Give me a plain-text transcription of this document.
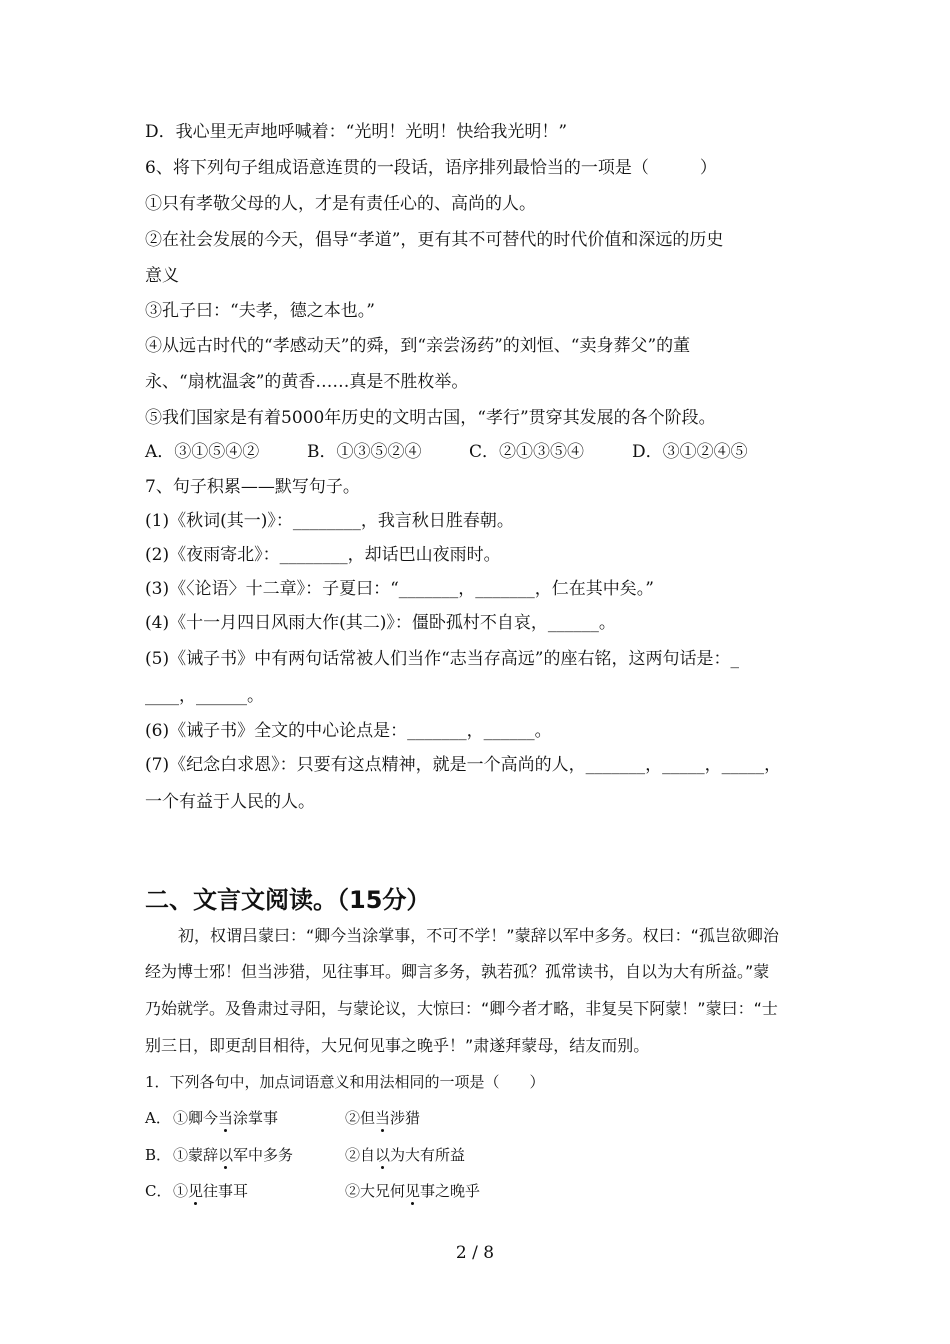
D．我心里无声地呼喊着：“光明！光明！快给我光明！”
6、将下列句子组成语意连贯的一段话，语序排列最恰当的一项是（　　　）
①只有孝敬父母的人，才是有责任心的、高尚的人。
②在社会发展的今天，倡导“孝道”，更有其不可替代的时代价值和深远的历史
意义
③孔子曰：“夫孝，德之本也。”
④从远古时代的“孝感动天”的舜，到“亲尝汤药”的刘恒、“卖身葬父”的董
永、“扇枕温衾”的黄香……真是不胜枚举。
⑤我们国家是有着5000年历史的文明古国，“孝行”贯穿其发展的各个阶段。
A．③①⑤④②	B．①③⑤②④	C．②①③⑤④	D．③①②④⑤
7、句子积累——默写句子。
(1)《秋词(其一)》：________，我言秋日胜春朝。
(2)《夜雨寄北》：________，却话巴山夜雨时。
(3)《〈论语〉十二章》：子夏曰：“_______，_______，仁在其中矣。”
(4)《十一月四日风雨大作(其二)》：僵卧孤村不自哀，______。
(5)《诫子书》中有两句话常被人们当作“志当存高远”的座右铭，这两句话是：_
____，______。
(6)《诫子书》全文的中心论点是：_______，______。
(7)《纪念白求恩》：只要有这点精神，就是一个高尚的人，_______，_____，_____，
一个有益于人民的人。
二、文言文阅读。（15分）
初，权谓吕蒙曰：“卿今当涂掌事，不可不学！”蒙辞以军中多务。权曰：“孤岂欲卿治
经为博士邪！但当涉猎，见往事耳。卿言多务，孰若孤？孤常读书，自以为大有所益。”蒙
乃始就学。及鲁肃过寻阳，与蒙论议，大惊曰：“卿今者才略，非复吴下阿蒙！”蒙曰：“士
别三日，即更刮目相待，大兄何见事之晚乎！”肃遂拜蒙母，结友而别。
1．下列各句中，加点词语意义和用法相同的一项是（　　）
A． ①卿今当涂掌事	②但当涉猎
B． ①蒙辞以军中多务	②自以为大有所益
C． ①见往事耳	②大兄何见事之晚乎
2 / 8
